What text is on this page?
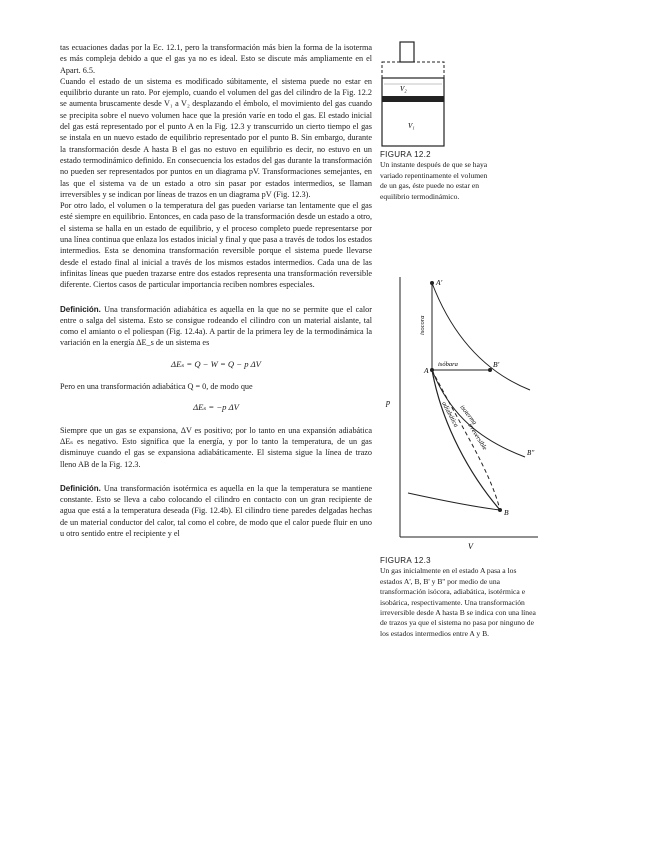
tas ecuaciones dadas por la Ec. 12.1, pero la transformación más bien la forma de la isoterma es más compleja debido a que el gas ya no es ideal. Esto se discute más ampliamente en el Apart. 6.5.

Cuando el estado de un sistema es modificado súbitamente, el sistema puede no estar en equilibrio durante un rato. Por ejemplo, cuando el volumen del gas del cilindro de la Fig. 12.2 se aumenta bruscamente desde V₁ a V₂ desplazando el émbolo, el movimiento del gas cuando se precipita sobre el nuevo volumen hace que la presión varíe en todo el gas. El estado inicial del gas está representado por el punto A en la Fig. 12.3 y transcurrido un cierto tiempo el gas se instala en un nuevo estado de equilibrio representado por el punto B. Sin embargo, durante la transformación desde A hasta B el gas no estuvo en equilibrio es decir, no estuvo en un estado termodinámico definido. En consecuencia los estados del gas durante la transformación no pueden ser representados por puntos en un diagrama pV. Transformaciones semejantes, en las que el sistema va de un estado a otro sin pasar por estados intermedios, se llaman irreversibles y se indican por líneas de trazos en un diagrama pV (Fig. 12.3).

Por otro lado, el volumen o la temperatura del gas pueden variarse tan lentamente que el gas esté siempre en equilibrio. Entonces, en cada paso de la transformación desde un estado a otro, el sistema se halla en un estado de equilibrio, y el proceso completo puede representarse por una línea continua que enlaza los estados inicial y final y que pasa a través de todos los estados intermedios. Esta se denomina transformación reversible porque el sistema puede llevarse desde el estado final al inicial a través de los mismos estados intermedios. Cada una de las infinitas líneas que pueden trazarse entre dos estados representa una transformación reversible diferente. Ciertos casos de particular importancia reciben nombres especiales.

Definición. Una transformación adiabática es aquella en la que no se permite que el calor entre o salga del sistema. Esto se consigue rodeando el cilindro con un material aislante, tal como el amianto o el poliespan (Fig. 12.4a). A partir de la primera ley de la termodinámica la variación en la energía ΔE_s de un sistema es

ΔEₛ = Q − W = Q − p ΔV

Pero en una transformación adiabática Q = 0, de modo que

ΔEₛ = −p ΔV

Siempre que un gas se expansiona, ΔV es positivo; por lo tanto en una expansión adiabática ΔEₛ es negativo. Esto significa que la energía, y por lo tanto la temperatura, de un gas disminuye cuando el gas se expansiona adiabáticamente. El sistema sigue la línea de trazo lleno AB de la Fig. 12.3.

Definición. Una transformación isotérmica es aquella en la que la temperatura se mantiene constante. Esto se lleva a cabo colocando el cilindro en contacto con un gran recipiente de agua que está a la temperatura deseada (Fig. 12.4b). El cilindro tiene paredes delgadas hechas de un material conductor del calor, tal como el cobre, de modo que el calor puede fluir en uno u otro sentido entre el recipiente y el

V₂
V₁
FIGURA 12.2
Un instante después de que se haya variado repentinamente el volumen de un gas, éste puede no estar en equilibrio termodinámico.
p
V
isocora
isóbara
isoterma
adiabática
irreversible
A
A'
B'
B
B''
FIGURA 12.3
Un gas inicialmente en el estado A pasa a los estados A', B, B' y B'' por medio de una transformación isócora, adiabática, isotérmica e isobárica, respectivamente. Una transformación irreversible desde A hasta B se indica con una línea de trazos ya que el sistema no pasa por ninguno de los estados intermedios entre A y B.
